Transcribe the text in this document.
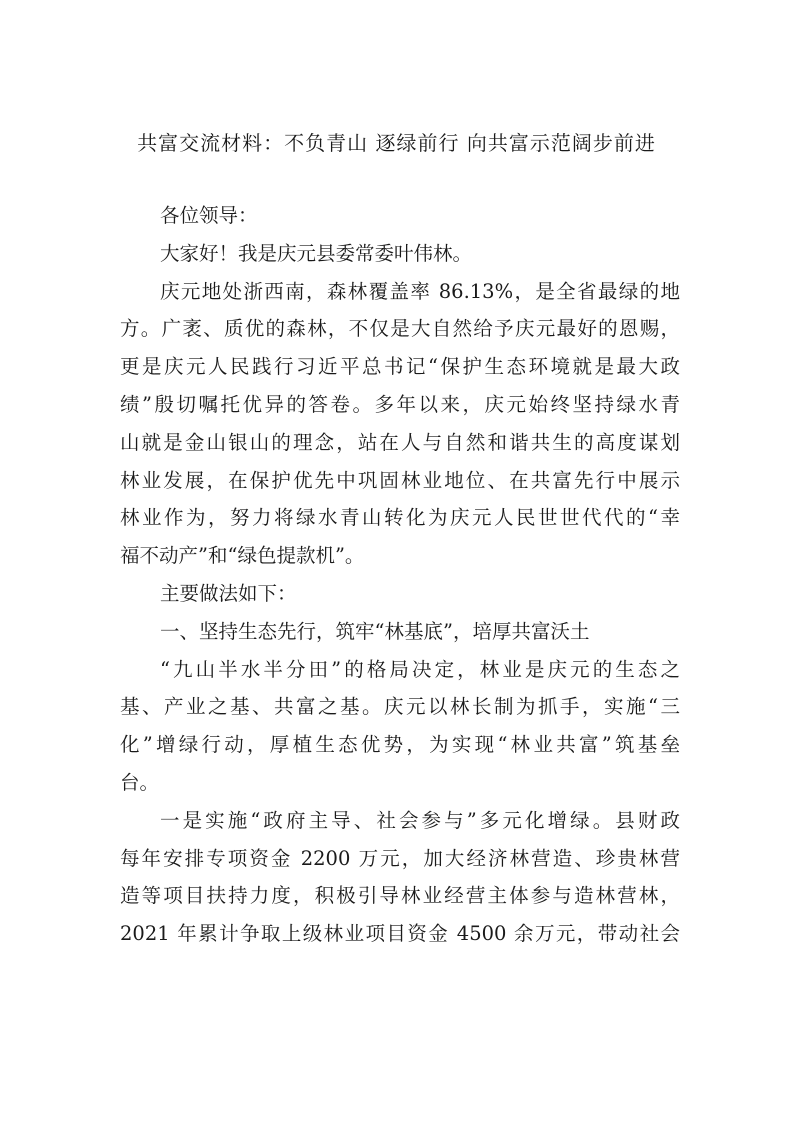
共富交流材料：不负青山 逐绿前行 向共富示范阔步前进

各位领导：

大家好！我是庆元县委常委叶伟林。

庆元地处浙西南，森林覆盖率 86.13%，是全省最绿的地
方。广袤、质优的森林，不仅是大自然给予庆元最好的恩赐，
更是庆元人民践行习近平总书记“保护生态环境就是最大政
绩”殷切嘱托优异的答卷。多年以来，庆元始终坚持绿水青
山就是金山银山的理念，站在人与自然和谐共生的高度谋划
林业发展，在保护优先中巩固林业地位、在共富先行中展示
林业作为，努力将绿水青山转化为庆元人民世世代代的“幸
福不动产”和“绿色提款机”。

主要做法如下：

一、坚持生态先行，筑牢“林基底”，培厚共富沃土

“九山半水半分田”的格局决定，林业是庆元的生态之
基、产业之基、共富之基。庆元以林长制为抓手，实施“三
化”增绿行动，厚植生态优势，为实现“林业共富”筑基垒
台。

一是实施“政府主导、社会参与”多元化增绿。县财政
每年安排专项资金 2200 万元，加大经济林营造、珍贵林营
造等项目扶持力度，积极引导林业经营主体参与造林营林，
2021 年累计争取上级林业项目资金 4500 余万元，带动社会
